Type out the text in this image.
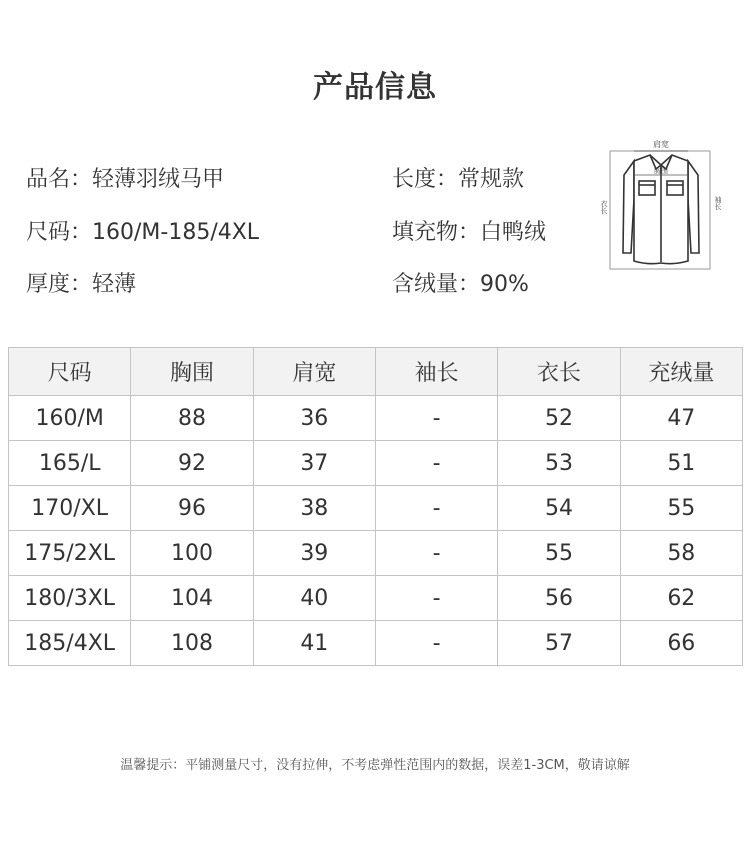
产品信息
品名：轻薄羽绒马甲	长度：常规款
尺码：160/M-185/4XL	填充物：白鸭绒
厚度：轻薄	含绒量：90%
肩宽
胸围
衣长	袖长
尺码	胸围	肩宽	袖长	衣长	充绒量
160/M	88	36	-	52	47
165/L	92	37	-	53	51
170/XL	96	38	-	54	55
175/2XL	100	39	-	55	58
180/3XL	104	40	-	56	62
185/4XL	108	41	-	57	66
温馨提示：平铺测量尺寸，没有拉伸，不考虑弹性范围内的数据，误差1-3CM，敬请谅解
